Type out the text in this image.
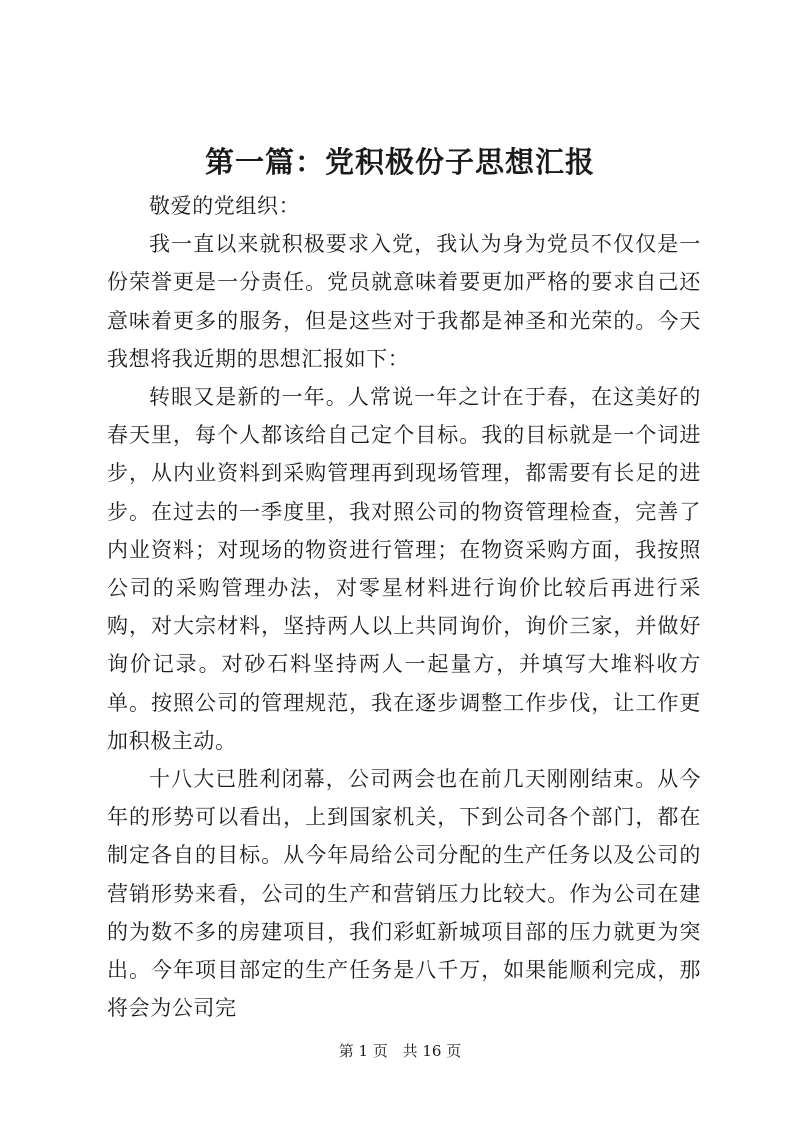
第一篇：党积极份子思想汇报

敬爱的党组织：

我一直以来就积极要求入党，我认为身为党员不仅仅是一份荣誉更是一分责任。党员就意味着要更加严格的要求自己还意味着更多的服务，但是这些对于我都是神圣和光荣的。今天我想将我近期的思想汇报如下：

转眼又是新的一年。人常说一年之计在于春，在这美好的春天里，每个人都该给自己定个目标。我的目标就是一个词进步，从内业资料到采购管理再到现场管理，都需要有长足的进步。在过去的一季度里，我对照公司的物资管理检查，完善了内业资料；对现场的物资进行管理；在物资采购方面，我按照公司的采购管理办法，对零星材料进行询价比较后再进行采购，对大宗材料，坚持两人以上共同询价，询价三家，并做好询价记录。对砂石料坚持两人一起量方，并填写大堆料收方单。按照公司的管理规范，我在逐步调整工作步伐，让工作更加积极主动。

十八大已胜利闭幕，公司两会也在前几天刚刚结束。从今年的形势可以看出，上到国家机关，下到公司各个部门，都在制定各自的目标。从今年局给公司分配的生产任务以及公司的营销形势来看，公司的生产和营销压力比较大。作为公司在建的为数不多的房建项目，我们彩虹新城项目部的压力就更为突出。今年项目部定的生产任务是八千万，如果能顺利完成，那将会为公司完

第 1 页 共 16 页
